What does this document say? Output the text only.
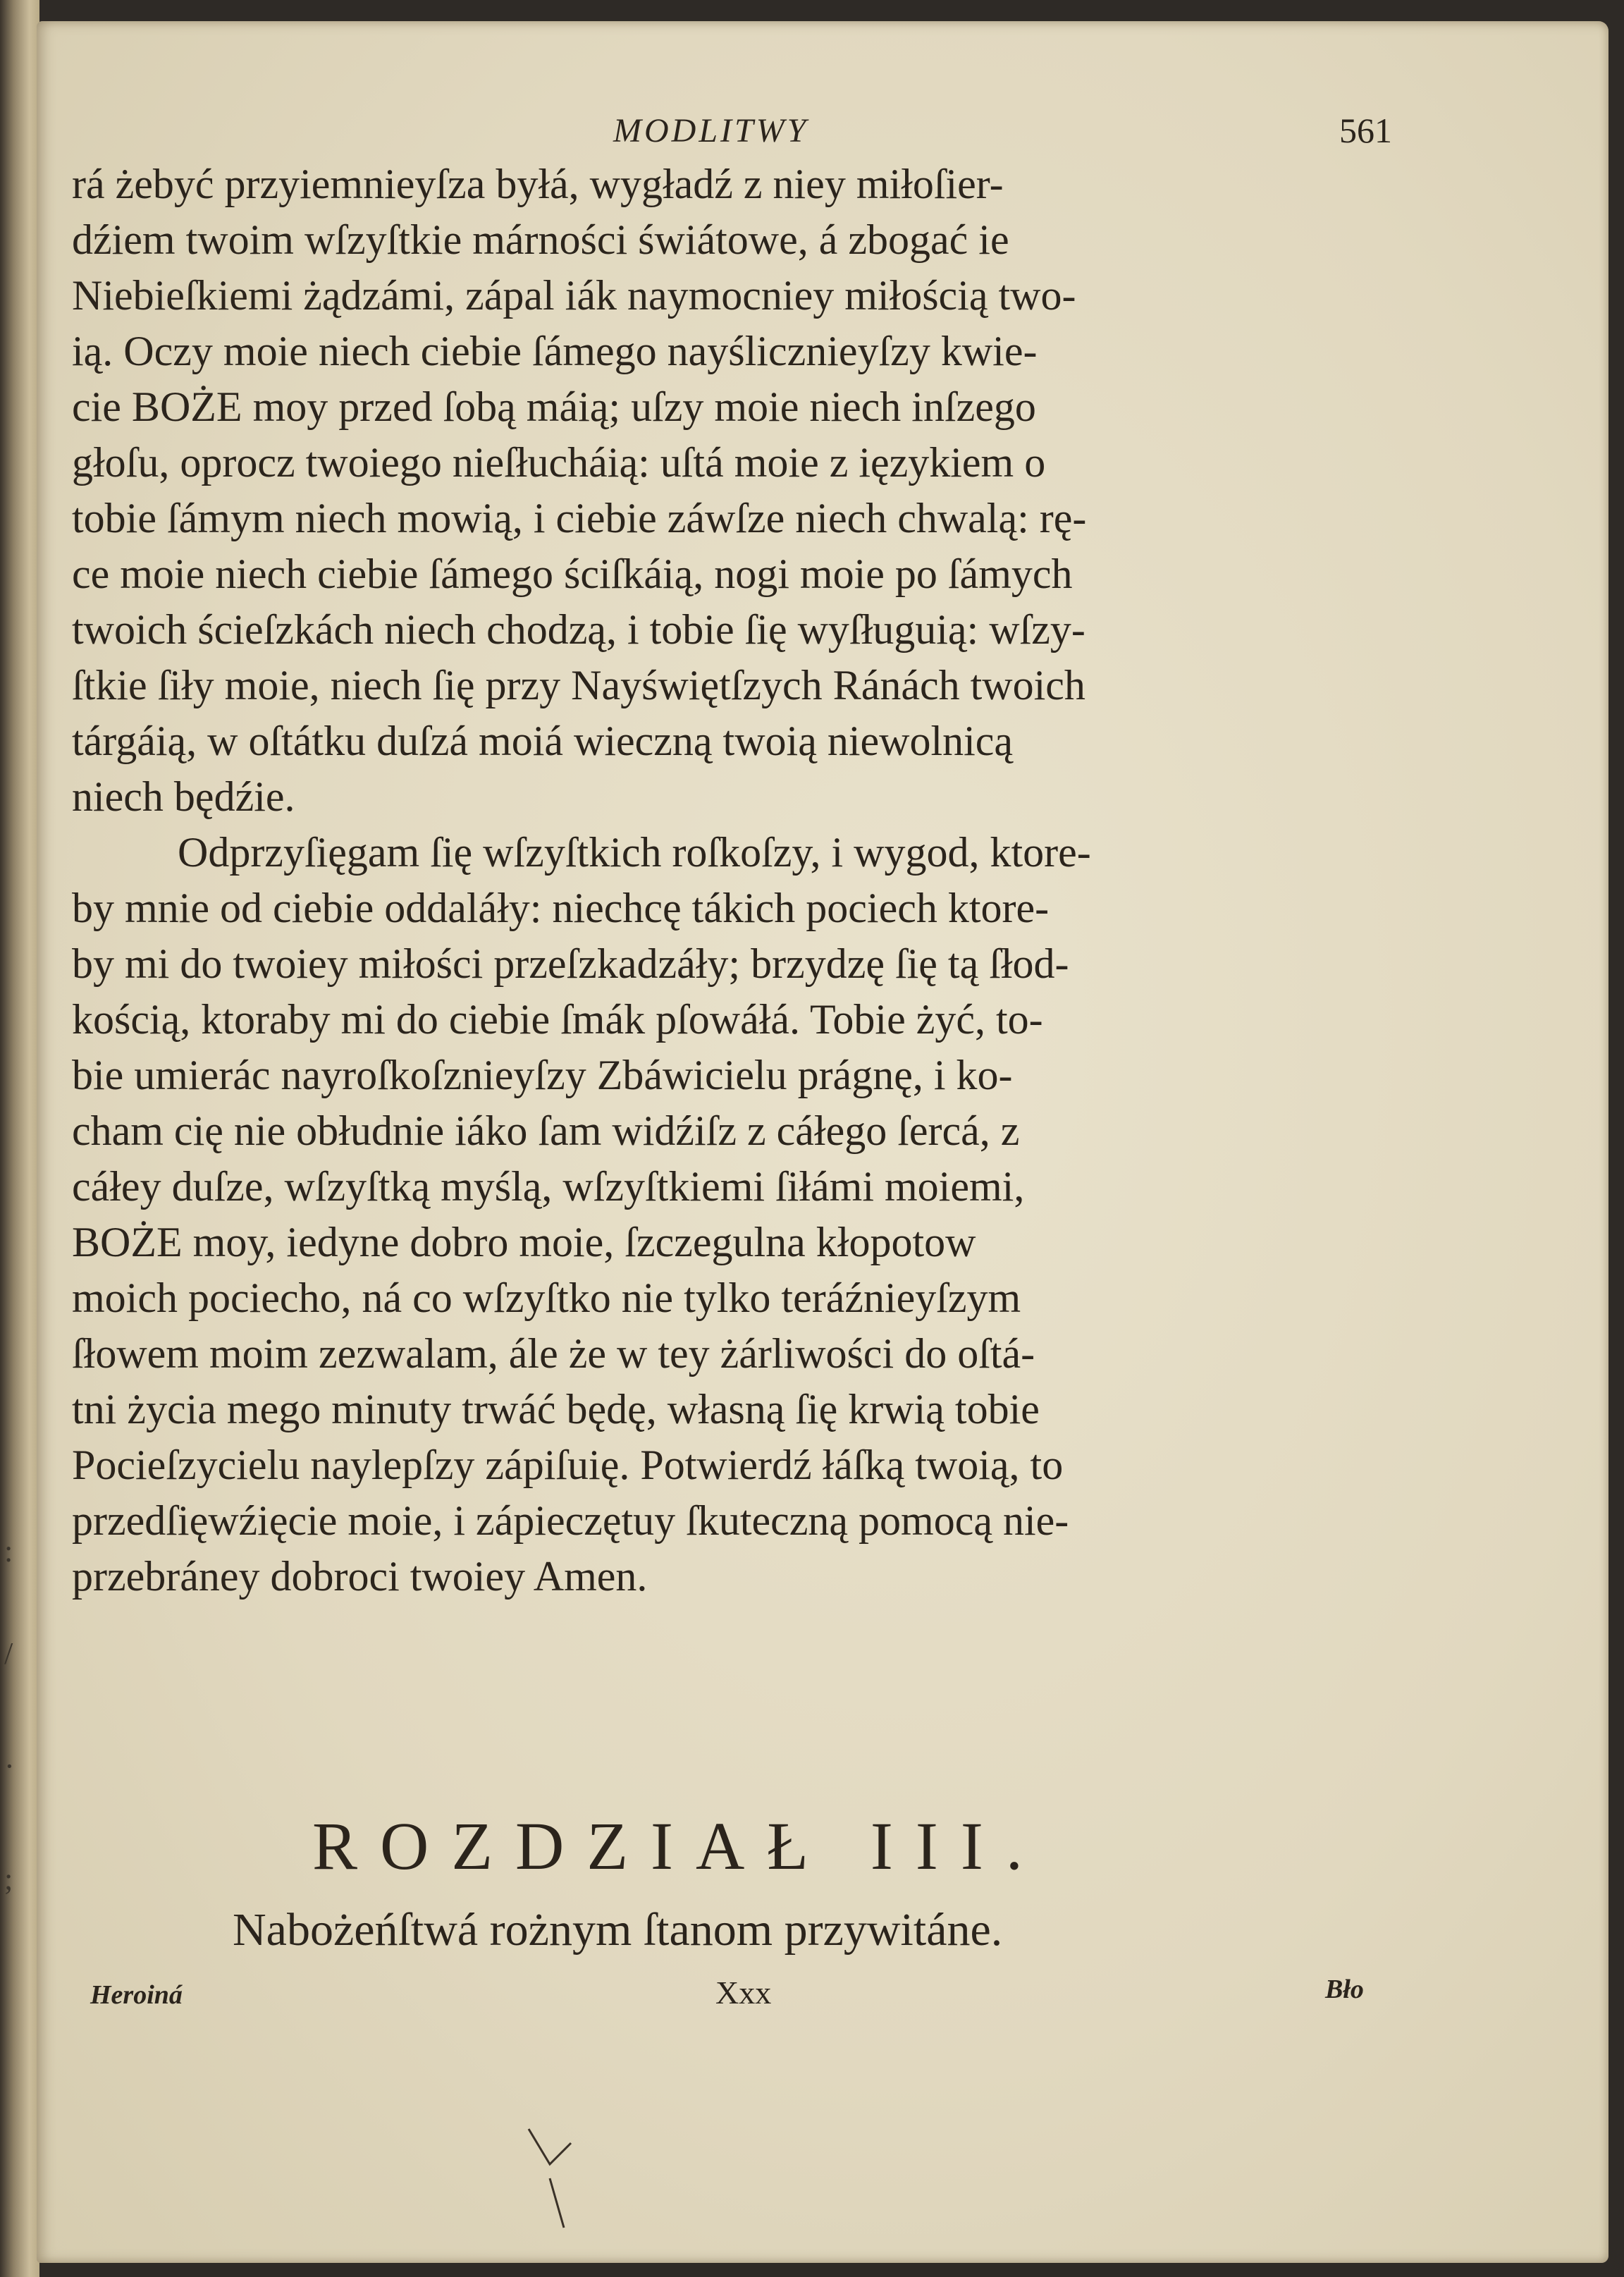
:
/
·
;
MODLITWY	561

rá żebyć przyiemnieyſza byłá, wygładź z niey miłoſier-
dźiem twoim wſzyſtkie márności świátowe, á zbogać ie
Niebieſkiemi żądzámi, zápal iák naymocniey miłością two-
ią. Oczy moie niech ciebie ſámego nayślicznieyſzy kwie-
cie BOŻE moy przed ſobą máią; uſzy moie niech inſzego
głoſu, oprocz twoiego nieſłucháią: uſtá moie z ięzykiem o
tobie ſámym niech mowią, i ciebie záwſze niech chwalą: rę-
ce moie niech ciebie ſámego ściſkáią, nogi moie po ſámych
twoich ścieſzkách niech chodzą, i tobie ſię wyſługuią: wſzy-
ſtkie ſiły moie, niech ſię przy Nayświętſzych Ránách twoich
tárgáią, w oſtátku duſzá moiá wieczną twoią niewolnicą
niech będźie.

Odprzyſięgam ſię wſzyſtkich roſkoſzy, i wygod, ktore-
by mnie od ciebie oddaláły: niechcę tákich pociech ktore-
by mi do twoiey miłości przeſzkadzáły; brzydzę ſię tą ſłod-
kością, ktoraby mi do ciebie ſmák pſowáłá. Tobie żyć, to-
bie umierác nayroſkoſznieyſzy Zbáwicielu prágnę, i ko-
cham cię nie obłudnie iáko ſam widźiſz z cáłego ſercá, z
cáłey duſze, wſzyſtką myślą, wſzyſtkiemi ſiłámi moiemi,
BOŻE moy, iedyne dobro moie, ſzczegulna kłopotow
moich pociecho, ná co wſzyſtko nie tylko teráźnieyſzym
ſłowem moim zezwalam, ále że w tey żárliwości do oſtá-
tni życia mego minuty trwáć będę, własną ſię krwią tobie
Pocieſzycielu naylepſzy zápiſuię. Potwierdź łáſką twoią, to
przedſięwźięcie moie, i zápieczętuy ſkuteczną pomocą nie-
przebráney dobroci twoiey Amen.

ROZDZIAŁ III.
Nabożeńſtwá rożnym ſtanom przywitáne.
Heroiná	Xxx	Bło
